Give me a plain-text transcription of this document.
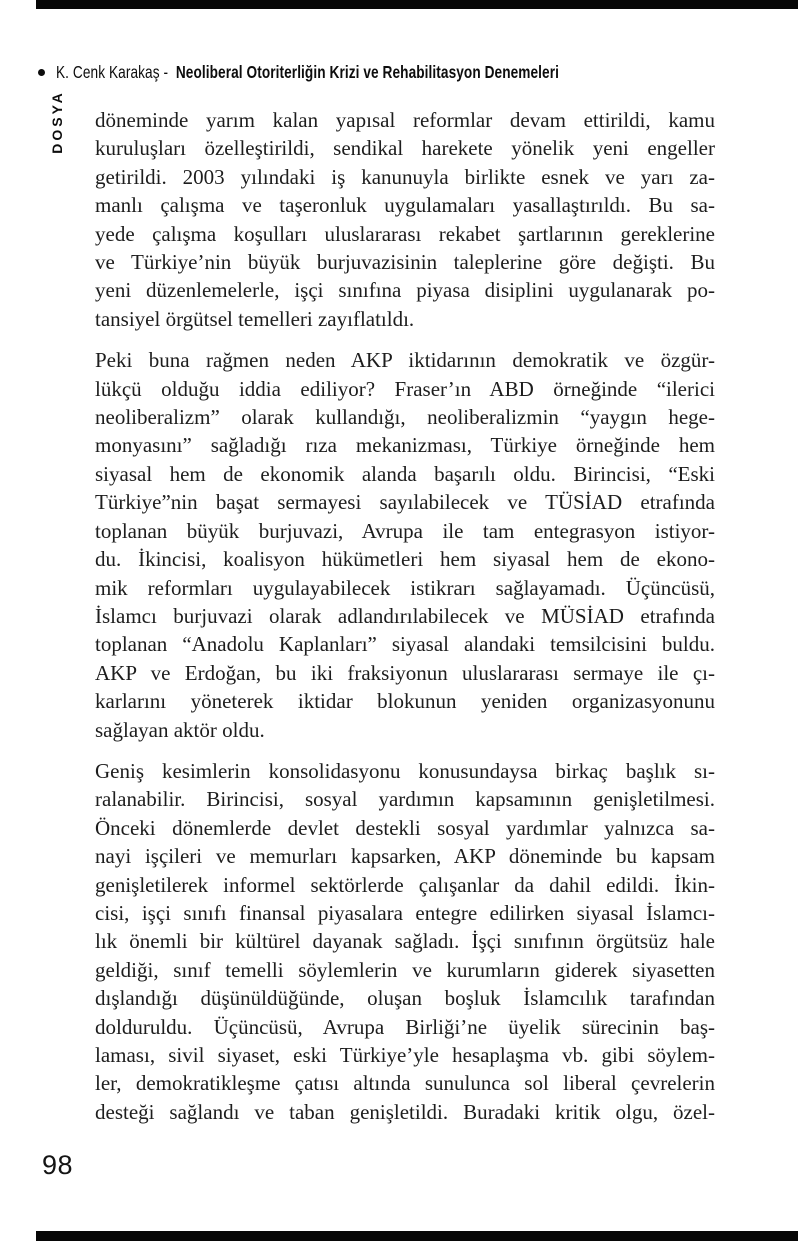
K. Cenk Karakaş - Neoliberal Otoriterliğin Krizi ve Rehabilitasyon Denemeleri
DOSYA döneminde yarım kalan yapısal reformlar devam ettirildi, kamu
kuruluşları özelleştirildi, sendikal harekete yönelik yeni engeller
getirildi. 2003 yılındaki iş kanunuyla birlikte esnek ve yarı za-
manlı çalışma ve taşeronluk uygulamaları yasallaştırıldı. Bu sa-
yede çalışma koşulları uluslararası rekabet şartlarının gereklerine
ve Türkiye’nin büyük burjuvazisinin taleplerine göre değişti. Bu
yeni düzenlemelerle, işçi sınıfına piyasa disiplini uygulanarak po-
tansiyel örgütsel temelleri zayıflatıldı.
Peki buna rağmen neden AKP iktidarının demokratik ve özgür-
lükçü olduğu iddia ediliyor? Fraser’ın ABD örneğinde “ilerici
neoliberalizm” olarak kullandığı, neoliberalizmin “yaygın hege-
monyasını” sağladığı rıza mekanizması, Türkiye örneğinde hem
siyasal hem de ekonomik alanda başarılı oldu. Birincisi, “Eski
Türkiye”nin başat sermayesi sayılabilecek ve TÜSİAD etrafında
toplanan büyük burjuvazi, Avrupa ile tam entegrasyon istiyor-
du. İkincisi, koalisyon hükümetleri hem siyasal hem de ekono-
mik reformları uygulayabilecek istikrarı sağlayamadı. Üçüncüsü,
İslamcı burjuvazi olarak adlandırılabilecek ve MÜSİAD etrafında
toplanan “Anadolu Kaplanları” siyasal alandaki temsilcisini buldu.
AKP ve Erdoğan, bu iki fraksiyonun uluslararası sermaye ile çı-
karlarını yöneterek iktidar blokunun yeniden organizasyonunu
sağlayan aktör oldu.
Geniş kesimlerin konsolidasyonu konusundaysa birkaç başlık sı-
ralanabilir. Birincisi, sosyal yardımın kapsamının genişletilmesi.
Önceki dönemlerde devlet destekli sosyal yardımlar yalnızca sa-
nayi işçileri ve memurları kapsarken, AKP döneminde bu kapsam
genişletilerek informel sektörlerde çalışanlar da dahil edildi. İkin-
cisi, işçi sınıfı finansal piyasalara entegre edilirken siyasal İslamcı-
lık önemli bir kültürel dayanak sağladı. İşçi sınıfının örgütsüz hale
geldiği, sınıf temelli söylemlerin ve kurumların giderek siyasetten
dışlandığı düşünüldüğünde, oluşan boşluk İslamcılık tarafından
dolduruldu. Üçüncüsü, Avrupa Birliği’ne üyelik sürecinin baş-
laması, sivil siyaset, eski Türkiye’yle hesaplaşma vb. gibi söylem-
ler, demokratikleşme çatısı altında sunulunca sol liberal çevrelerin
desteği sağlandı ve taban genişletildi. Buradaki kritik olgu, özel-
98
